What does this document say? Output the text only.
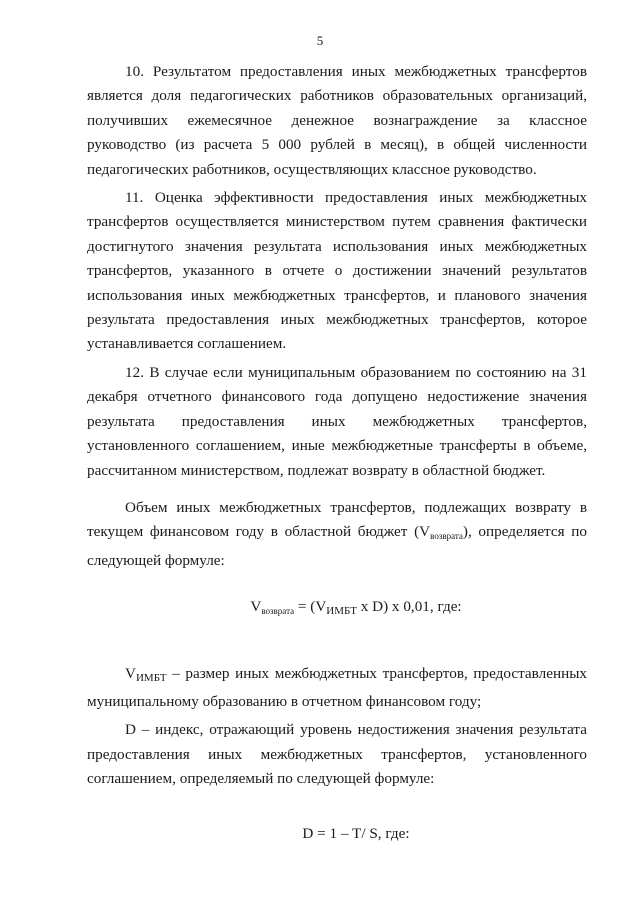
5

10. Результатом предоставления иных межбюджетных трансфертов является доля педагогических работников образовательных организаций, получивших ежемесячное денежное вознаграждение за классное руководство (из расчета 5 000 рублей в месяц), в общей численности педагогических работников, осуществляющих классное руководство.

11. Оценка эффективности предоставления иных межбюджетных трансфертов осуществляется министерством путем сравнения фактически достигнутого значения результата использования иных межбюджетных трансфертов, указанного в отчете о достижении значений результатов использования иных межбюджетных трансфертов, и планового значения результата предоставления иных межбюджетных трансфертов, которое устанавливается соглашением.

12. В случае если муниципальным образованием по состоянию на 31 декабря отчетного финансового года допущено недостижение значения результата предоставления иных межбюджетных трансфертов, установленного соглашением, иные межбюджетные трансферты в объеме, рассчитанном министерством, подлежат возврату в областной бюджет.

Объем иных межбюджетных трансфертов, подлежащих возврату в текущем финансовом году в областной бюджет $(V_{возврата})$, определяется по следующей формуле:

$V_{возврата} = (V_{ИМБТ}$ x D) x 0,01, где:

$V_{ИМБТ}$ – размер иных межбюджетных трансфертов, предоставленных муниципальному образованию в отчетном финансовом году;

D – индекс, отражающий уровень недостижения значения результата предоставления иных межбюджетных трансфертов, установленного соглашением, определяемый по следующей формуле:

D = 1 – T/ S, где:
